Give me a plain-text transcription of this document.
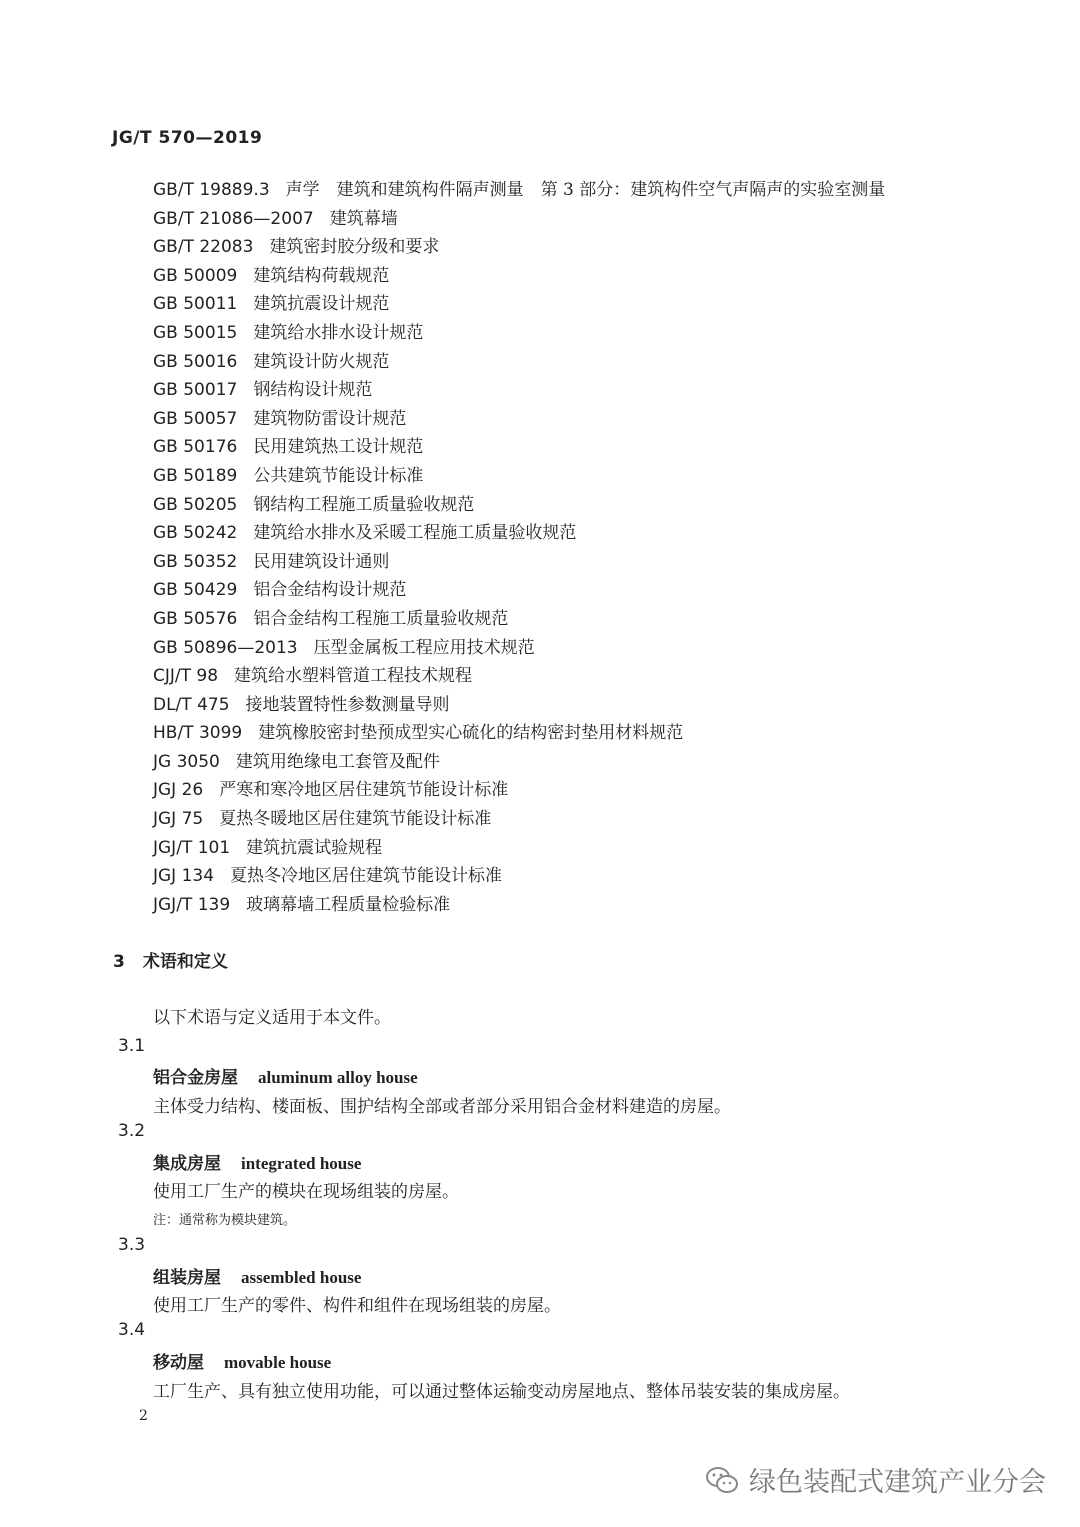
JG/T 570—2019
GB/T 19889.3 声学　建筑和建筑构件隔声测量　第 3 部分：建筑构件空气声隔声的实验室测量
GB/T 21086—2007 建筑幕墙
GB/T 22083 建筑密封胶分级和要求
GB 50009 建筑结构荷载规范
GB 50011 建筑抗震设计规范
GB 50015 建筑给水排水设计规范
GB 50016 建筑设计防火规范
GB 50017 钢结构设计规范
GB 50057 建筑物防雷设计规范
GB 50176 民用建筑热工设计规范
GB 50189 公共建筑节能设计标准
GB 50205 钢结构工程施工质量验收规范
GB 50242 建筑给水排水及采暖工程施工质量验收规范
GB 50352 民用建筑设计通则
GB 50429 铝合金结构设计规范
GB 50576 铝合金结构工程施工质量验收规范
GB 50896—2013 压型金属板工程应用技术规范
CJJ/T 98 建筑给水塑料管道工程技术规程
DL/T 475 接地装置特性参数测量导则
HB/T 3099 建筑橡胶密封垫预成型实心硫化的结构密封垫用材料规范
JG 3050 建筑用绝缘电工套管及配件
JGJ 26 严寒和寒冷地区居住建筑节能设计标准
JGJ 75 夏热冬暖地区居住建筑节能设计标准
JGJ/T 101 建筑抗震试验规程
JGJ 134 夏热冬冷地区居住建筑节能设计标准
JGJ/T 139 玻璃幕墙工程质量检验标准
3 术语和定义
以下术语与定义适用于本文件。
3.1
铝合金房屋 aluminum alloy house
主体受力结构、楼面板、围护结构全部或者部分采用铝合金材料建造的房屋。
3.2
集成房屋 integrated house
使用工厂生产的模块在现场组装的房屋。
注：通常称为模块建筑。
3.3
组装房屋 assembled house
使用工厂生产的零件、构件和组件在现场组装的房屋。
3.4
移动屋 movable house
工厂生产、具有独立使用功能，可以通过整体运输变动房屋地点、整体吊装安装的集成房屋。
2
绿色装配式建筑产业分会
